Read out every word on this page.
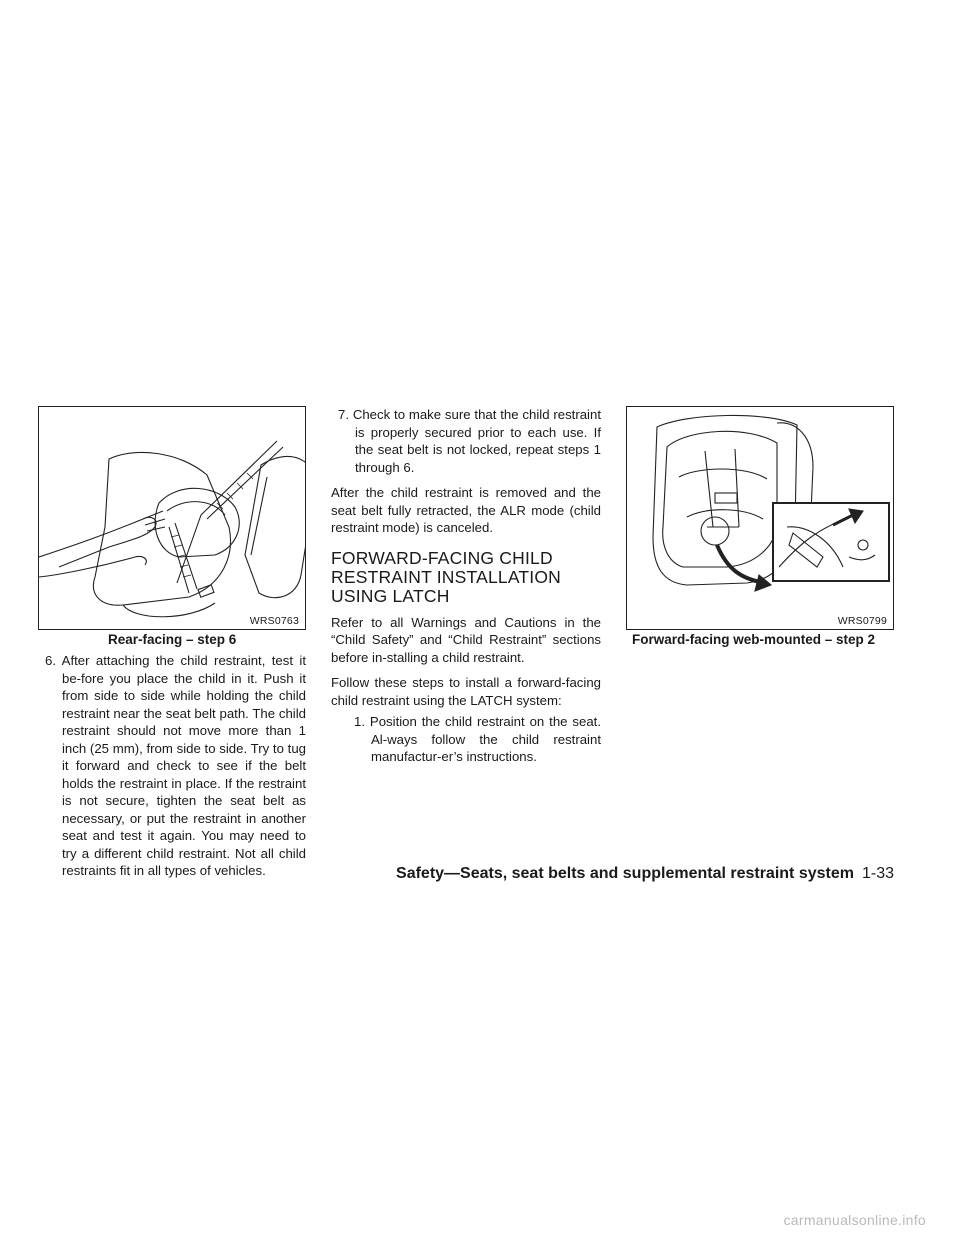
WRS0763
Rear-facing – step 6

6. After attaching the child restraint, test it be-fore you place the child in it. Push it from side to side while holding the child restraint near the seat belt path. The child restraint should not move more than 1 inch (25 mm), from side to side. Try to tug it forward and check to see if the belt holds the restraint in place. If the restraint is not secure, tighten the seat belt as necessary, or put the restraint in another seat and test it again. You may need to try a different child restraint. Not all child restraints fit in all types of vehicles.

7. Check to make sure that the child restraint is properly secured prior to each use. If the seat belt is not locked, repeat steps 1 through 6.

After the child restraint is removed and the seat belt fully retracted, the ALR mode (child restraint mode) is canceled.

FORWARD-FACING CHILD RESTRAINT INSTALLATION USING LATCH

Refer to all Warnings and Cautions in the “Child Safety” and “Child Restraint” sections before in-stalling a child restraint.

Follow these steps to install a forward-facing child restraint using the LATCH system:

1. Position the child restraint on the seat. Al-ways follow the child restraint manufactur-er’s instructions.

WRS0799
Forward-facing web-mounted – step 2
Safety—Seats, seat belts and supplemental restraint system 1-33
carmanualsonline.info
